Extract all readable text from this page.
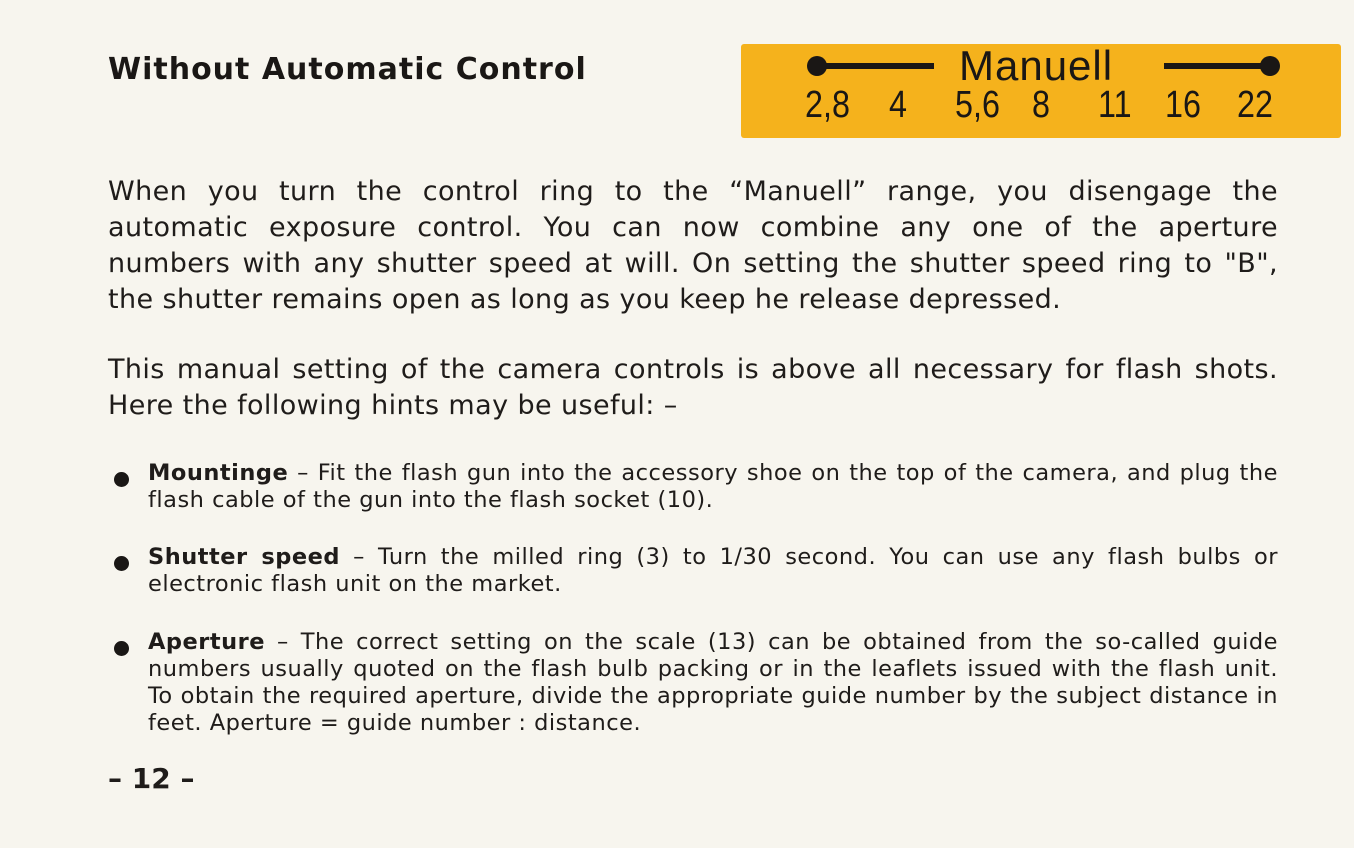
Without Automatic Control	Manuell
2,8 4 5,6 8 11 16 22

When you turn the control ring to the “Manuell” range, you disengage the automatic exposure control. You can now combine any one of the aperture numbers with any shutter speed at will. On setting the shutter speed ring to "B", the shutter remains open as long as you keep he release depressed.

This manual setting of the camera controls is above all necessary for flash shots. Here the following hints may be useful: –

Mountinge – Fit the flash gun into the accessory shoe on the top of the camera, and plug the flash cable of the gun into the flash socket (10).

Shutter speed – Turn the milled ring (3) to 1/30 second. You can use any flash bulbs or electronic flash unit on the market.

Aperture – The correct setting on the scale (13) can be obtained from the so-called guide numbers usually quoted on the flash bulb packing or in the leaflets issued with the flash unit. To obtain the required aperture, divide the appropriate guide number by the subject distance in feet. Aperture = guide number : distance.

– 12 –
